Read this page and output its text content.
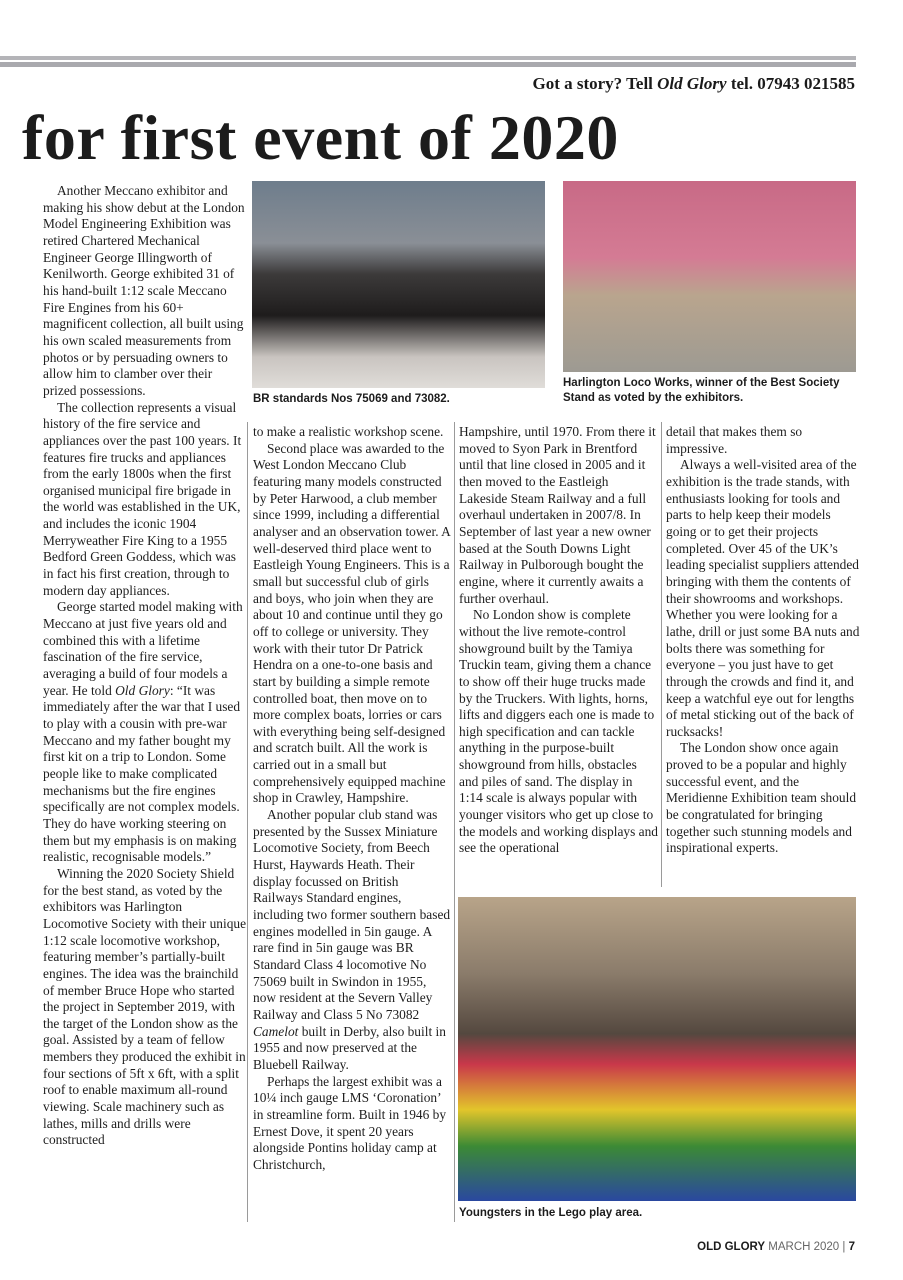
Got a story? Tell Old Glory tel. 07943 021585
for first event of 2020

Another Meccano exhibitor and making his show debut at the London Model Engineering Exhibition was retired Chartered Mechanical Engineer George Illingworth of Kenilworth. George exhibited 31 of his hand-built 1:12 scale Meccano Fire Engines from his 60+ magnificent collection, all built using his own scaled measurements from photos or by persuading owners to allow him to clamber over their prized possessions.

The collection represents a visual history of the fire service and appliances over the past 100 years. It features fire trucks and appliances from the early 1800s when the first organised municipal fire brigade in the world was established in the UK, and includes the iconic 1904 Merryweather Fire King to a 1955 Bedford Green Goddess, which was in fact his first creation, through to modern day appliances.

George started model making with Meccano at just five years old and combined this with a lifetime fascination of the fire service, averaging a build of four models a year. He told Old Glory: “It was immediately after the war that I used to play with a cousin with pre-war Meccano and my father bought my first kit on a trip to London. Some people like to make complicated mechanisms but the fire engines specifically are not complex models. They do have working steering on them but my emphasis is on making realistic, recognisable models.”

Winning the 2020 Society Shield for the best stand, as voted by the exhibitors was Harlington Locomotive Society with their unique 1:12 scale locomotive workshop, featuring member’s partially-built engines. The idea was the brainchild of member Bruce Hope who started the project in September 2019, with the target of the London show as the goal. Assisted by a team of fellow members they produced the exhibit in four sections of 5ft x 6ft, with a split roof to enable maximum all-round viewing. Scale machinery such as lathes, mills and drills were constructed

BR standards Nos 75069 and 73082.
Harlington Loco Works, winner of the Best Society Stand as voted by the exhibitors.

to make a realistic workshop scene.

Second place was awarded to the West London Meccano Club featuring many models constructed by Peter Harwood, a club member since 1999, including a differential analyser and an observation tower. A well-deserved third place went to Eastleigh Young Engineers. This is a small but successful club of girls and boys, who join when they are about 10 and continue until they go off to college or university. They work with their tutor Dr Patrick Hendra on a one-to-one basis and start by building a simple remote controlled boat, then move on to more complex boats, lorries or cars with everything being self-designed and scratch built. All the work is carried out in a small but comprehensively equipped machine shop in Crawley, Hampshire.

Another popular club stand was presented by the Sussex Miniature Locomotive Society, from Beech Hurst, Haywards Heath. Their display focussed on British Railways Standard engines, including two former southern based engines modelled in 5in gauge. A rare find in 5in gauge was BR Standard Class 4 locomotive No 75069 built in Swindon in 1955, now resident at the Severn Valley Railway and Class 5 No 73082 Camelot built in Derby, also built in 1955 and now preserved at the Bluebell Railway.

Perhaps the largest exhibit was a 10¼ inch gauge LMS ‘Coronation’ in streamline form. Built in 1946 by Ernest Dove, it spent 20 years alongside Pontins holiday camp at Christchurch,

Hampshire, until 1970. From there it moved to Syon Park in Brentford until that line closed in 2005 and it then moved to the Eastleigh Lakeside Steam Railway and a full overhaul undertaken in 2007/8. In September of last year a new owner based at the South Downs Light Railway in Pulborough bought the engine, where it currently awaits a further overhaul.

No London show is complete without the live remote-control showground built by the Tamiya Truckin team, giving them a chance to show off their huge trucks made by the Truckers. With lights, horns, lifts and diggers each one is made to high specification and can tackle anything in the purpose-built showground from hills, obstacles and piles of sand. The display in 1:14 scale is always popular with younger visitors who get up close to the models and working displays and see the operational

detail that makes them so impressive.

Always a well-visited area of the exhibition is the trade stands, with enthusiasts looking for tools and parts to help keep their models going or to get their projects completed. Over 45 of the UK’s leading specialist suppliers attended bringing with them the contents of their showrooms and workshops. Whether you were looking for a lathe, drill or just some BA nuts and bolts there was something for everyone – you just have to get through the crowds and find it, and keep a watchful eye out for lengths of metal sticking out of the back of rucksacks!

The London show once again proved to be a popular and highly successful event, and the Meridienne Exhibition team should be congratulated for bringing together such stunning models and inspirational experts.

Youngsters in the Lego play area.
OLD GLORY MARCH 2020 | 7
